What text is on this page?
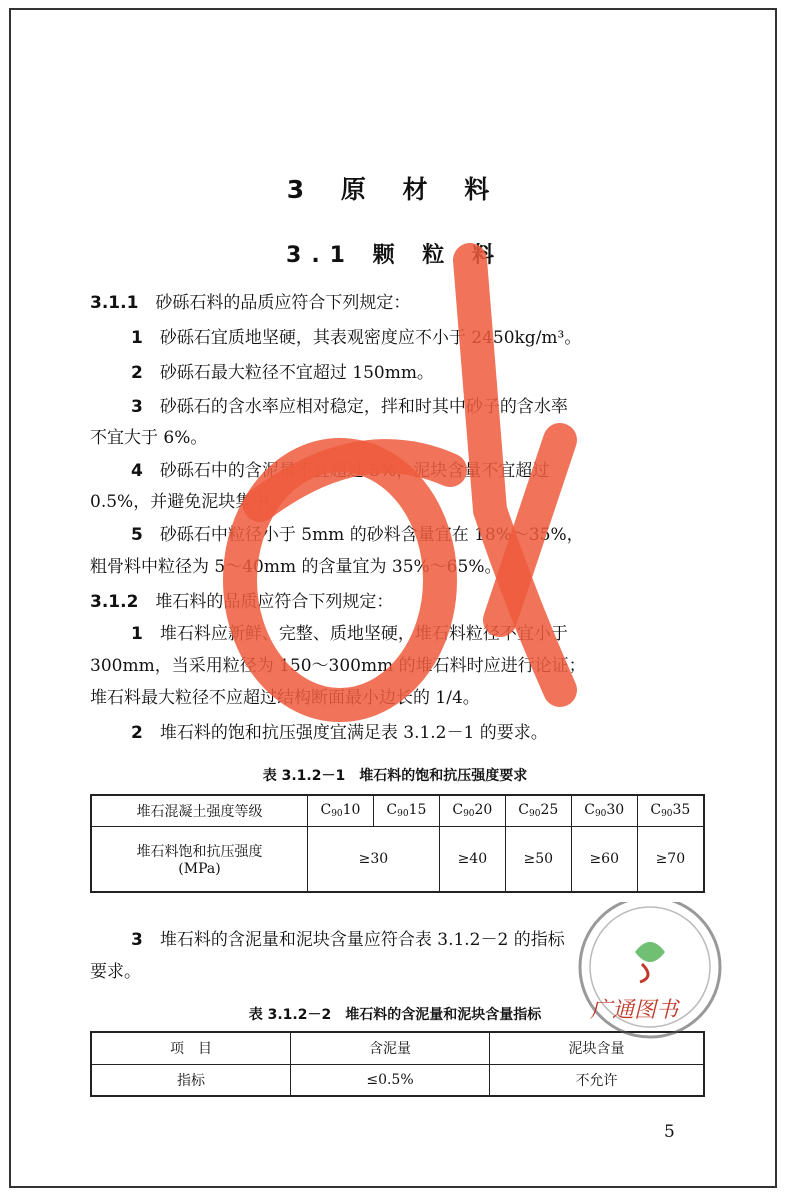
3 原 材 料
3.1 颗 粒 料
3.1.1　 砂砾石料的品质应符合下列规定：
1　 砂砾石宜质地坚硬，其表观密度应不小于 2450kg/m³。
2　 砂砾石最大粒径不宜超过 150mm。
3　 砂砾石的含水率应相对稳定，拌和时其中砂子的含水率
不宜大于 6%。
4　 砂砾石中的含泥量不宜超过 5%，泥块含量不宜超过
0.5%，并避免泥块集中。
5　 砂砾石中粒径小于 5mm 的砂料含量宜在 18%～35%，
粗骨料中粒径为 5～40mm 的含量宜为 35%～65%。
3.1.2　 堆石料的品质应符合下列规定：
1　 堆石料应新鲜、完整、质地坚硬，堆石料粒径不宜小于
300mm，当采用粒径为 150～300mm 的堆石料时应进行论证；
堆石料最大粒径不应超过结构断面最小边长的 1/4。
2　 堆石料的饱和抗压强度宜满足表 3.1.2－1 的要求。
表 3.1.2－1　堆石料的饱和抗压强度要求
堆石混凝土强度等级	$C_{90}10$	$C_{90}15$	$C_{90}20$	$C_{90}25$	$C_{90}30$	$C_{90}35$

堆石料饱和抗压强度
(MPa)	≥30		≥40	≥50	≥60	≥70
3　 堆石料的含泥量和泥块含量应符合表 3.1.2－2 的指标
要求。
表 3.1.2－2　堆石料的含泥量和泥块含量指标
项　目	含泥量	泥块含量
指标	≤0.5%	不允许
广通图书
5
